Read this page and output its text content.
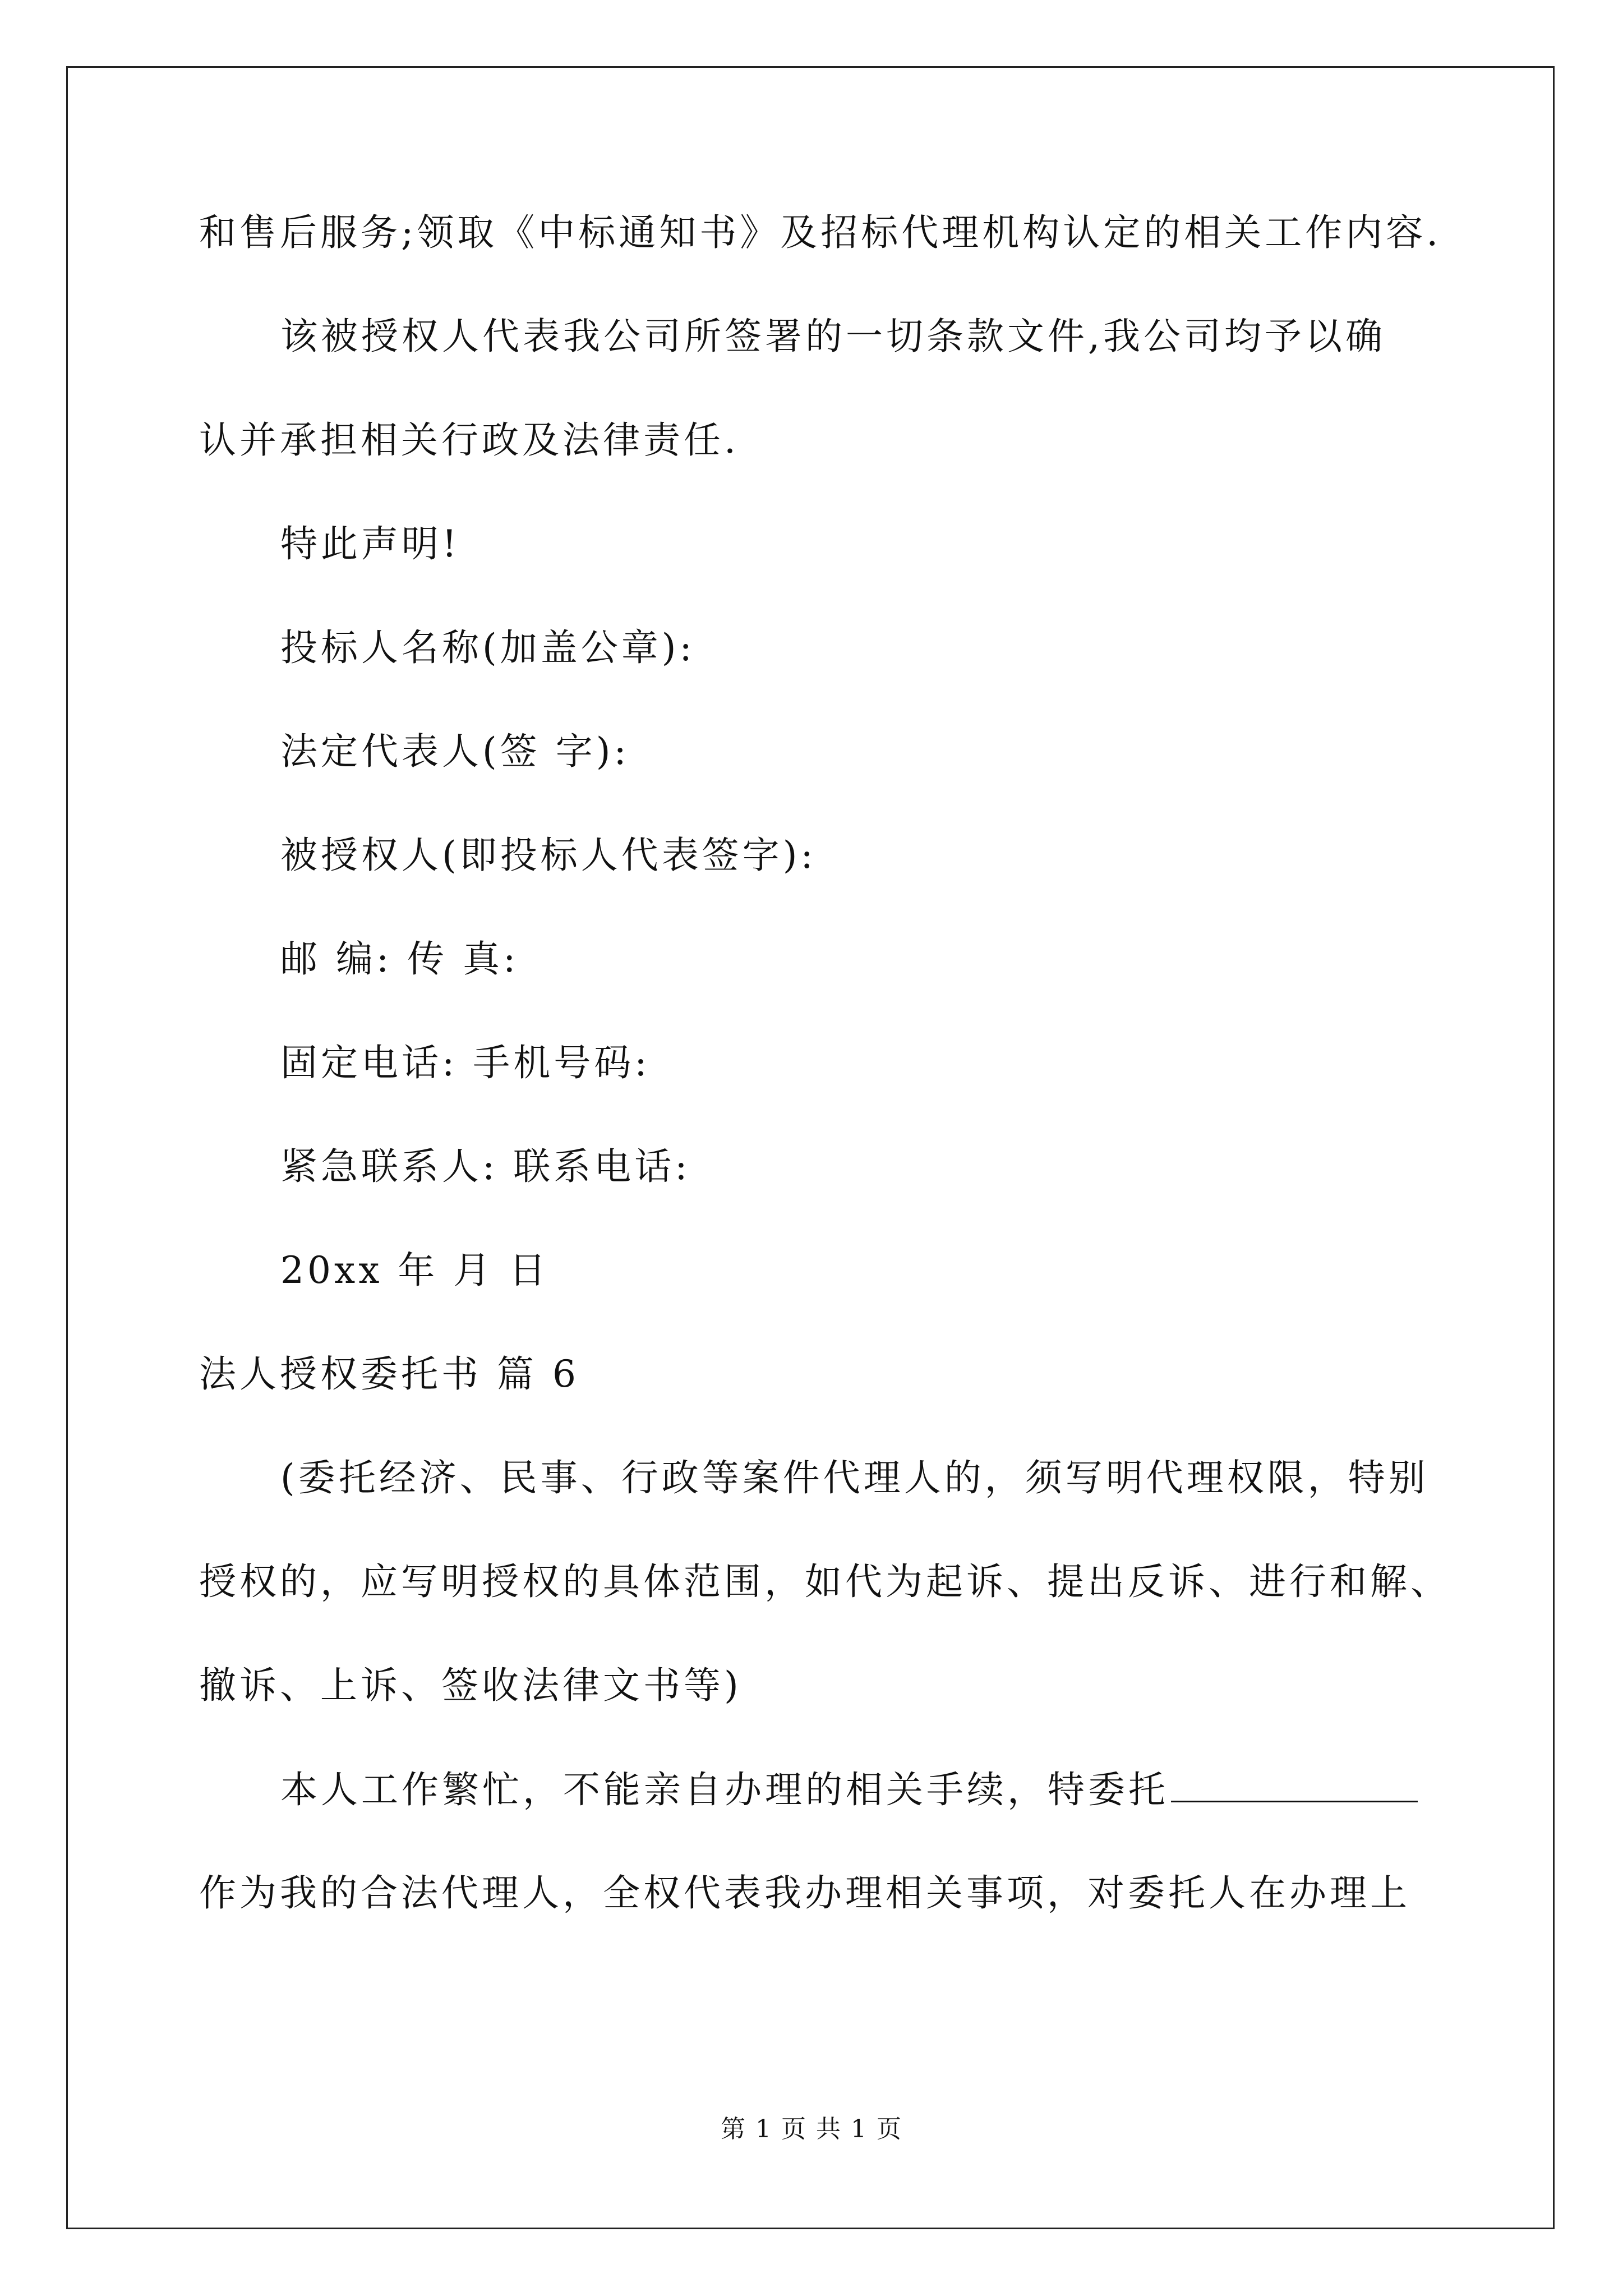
和售后服务;领取《中标通知书》及招标代理机构认定的相关工作内容.
该被授权人代表我公司所签署的一切条款文件,我公司均予以确
认并承担相关行政及法律责任.
特此声明!
投标人名称(加盖公章):
法定代表人(签 字):
被授权人(即投标人代表签字):
邮 编: 传 真:
固定电话: 手机号码:
紧急联系人: 联系电话:
20xx 年 月 日
法人授权委托书 篇 6
(委托经济、民事、行政等案件代理人的，须写明代理权限，特别
授权的，应写明授权的具体范围，如代为起诉、提出反诉、进行和解、
撤诉、上诉、签收法律文书等)
本人工作繁忙，不能亲自办理的相关手续，特委托
作为我的合法代理人，全权代表我办理相关事项，对委托人在办理上
第 1 页 共 1 页
